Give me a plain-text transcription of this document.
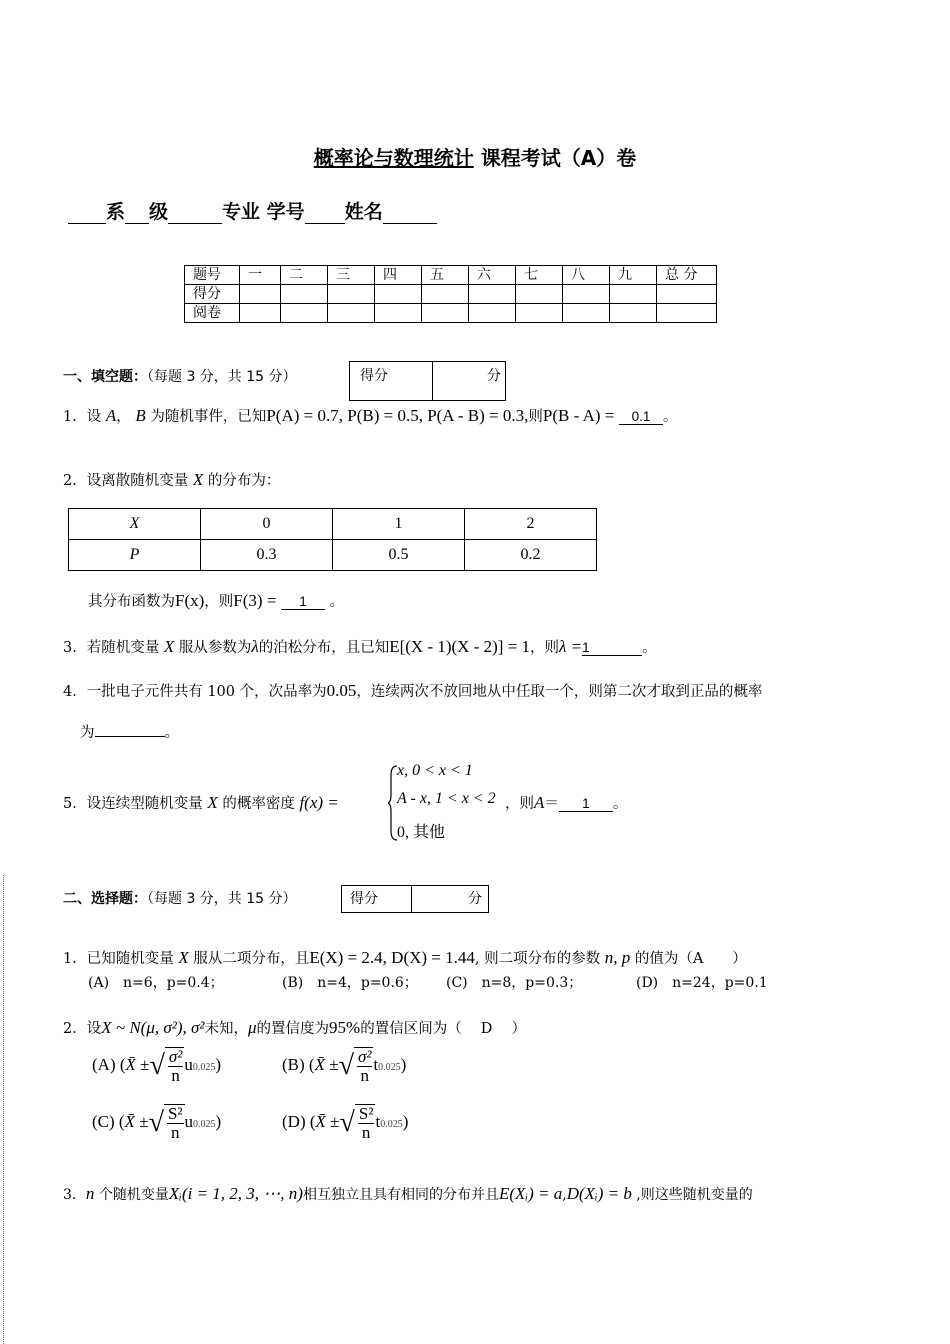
概率论与数理统计 课程考试（A）卷
系 级	专业 学号 姓名
题号	一	二	三	四	五	六	七	八	九	总 分
得分										
阅卷										
一、填空题：（每题 3 分，共 15 分）	得分	分
1．设 A， B 为随机事件，已知P(A) = 0.7, P(B) = 0.5, P(A - B) = 0.3,则P(B - A) = 0.1 。
2．设离散随机变量 X 的分布为：
X	0	1	2
P	0.3	0.5	0.2
其分布函数为F(x)，则F(3) = 1 。
3．若随机变量 X 服从参数为λ的泊松分布，且已知E[(X - 1)(X - 2)] = 1，则λ =1	。
4．一批电子元件共有 100 个，次品率为0.05，连续两次不放回地从中任取一个，则第二次才取到正品的概率
为	。
5．设连续型随机变量 X 的概率密度 f(x) =
x, 0 < x < 1
A - x, 1 < x < 2
0, 其他
，则A＝ 1 。
二、选择题：（每题 3 分，共 15 分）	得分	分
1．已知随机变量 X 服从二项分布，且E(X) = 2.4, D(X) = 1.44, 则二项分布的参数 n, p 的值为（A　　）
(A)　n=6，p=0.4；	(B)　n=4，p=0.6； (C)　n=8，p=0.3；	(D)　n=24，p=0.1
2．设X ~ N(μ, σ²), σ²未知，μ的置信度为95%的置信区间为（　 D　 ）
(A) (X̄ ± √ $\frac{\text{σ²}}{n} u0.025$)	(B) (X̄ ± √ $\frac{\text{σ²}}{n} t0.025$)
(C) (X̄ ± √ $\frac{\text{S²}}{n} u0.025$)	(D) (X̄ ± √ $\frac{\text{S²}}{n} t0.025$)
3．n 个随机变量Xᵢ(i = 1, 2, 3, ⋯, n)相互独立且具有相同的分布并且E(Xᵢ) = a,D(Xᵢ) = b ,则这些随机变量的
